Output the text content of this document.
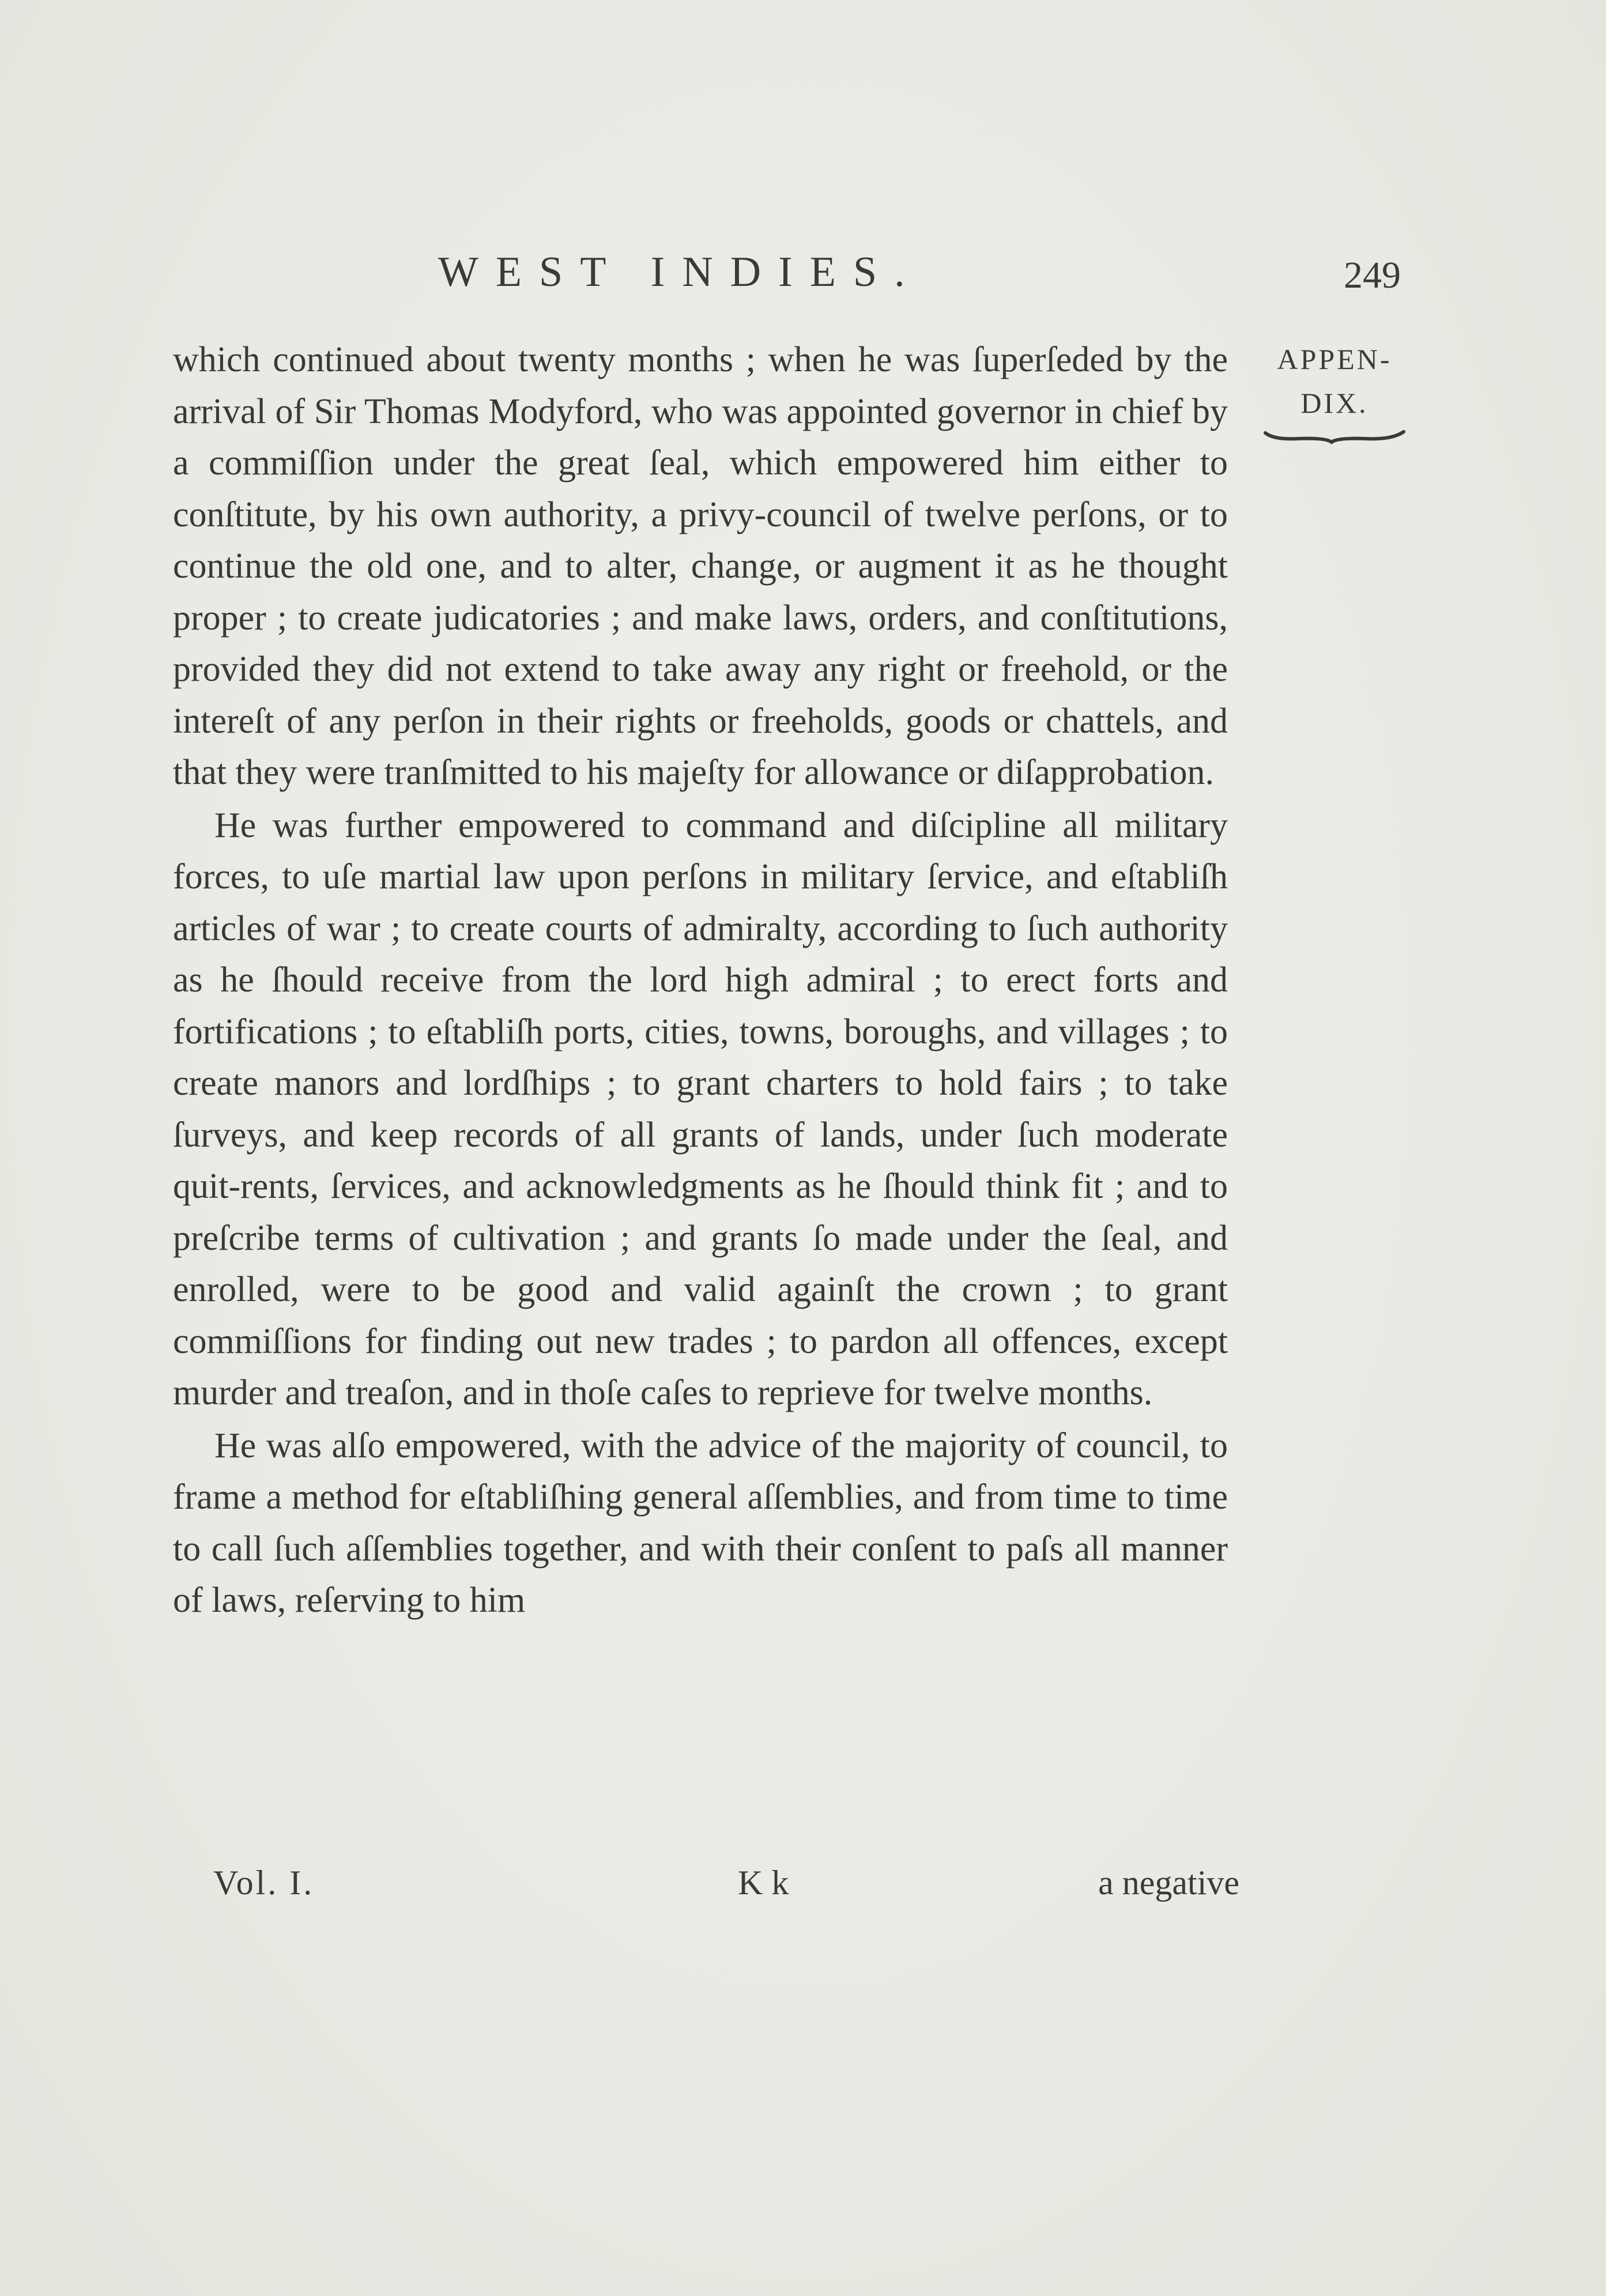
WEST INDIES.	249
APPEN-
DIX.

which continued about twenty months ; when he was ſuperſeded by the arrival of Sir Thomas Modyford, who was appointed governor in chief by a commiſſion under the great ſeal, which empowered him either to conſtitute, by his own authority, a privy-council of twelve perſons, or to continue the old one, and to alter, change, or augment it as he thought proper ; to create judicatories ; and make laws, orders, and conſtitutions, provided they did not extend to take away any right or freehold, or the intereſt of any perſon in their rights or freeholds, goods or chattels, and that they were tranſmitted to his majeſty for allowance or diſapprobation.

He was further empowered to command and diſcipline all military forces, to uſe martial law upon perſons in military ſervice, and eſtabliſh articles of war ; to create courts of admiralty, according to ſuch authority as he ſhould receive from the lord high admiral ; to erect forts and fortifications ; to eſtabliſh ports, cities, towns, boroughs, and villages ; to create manors and lordſhips ; to grant charters to hold fairs ; to take ſurveys, and keep records of all grants of lands, under ſuch moderate quit-rents, ſervices, and acknowledgments as he ſhould think fit ; and to preſcribe terms of cultivation ; and grants ſo made under the ſeal, and enrolled, were to be good and valid againſt the crown ; to grant commiſſions for finding out new trades ; to pardon all offences, except murder and treaſon, and in thoſe caſes to reprieve for twelve months.

He was alſo empowered, with the advice of the majority of council, to frame a method for eſtabliſhing general aſſemblies, and from time to time to call ſuch aſſemblies together, and with their conſent to paſs all manner of laws, reſerving to him

Vol. I.	K k	a negative
